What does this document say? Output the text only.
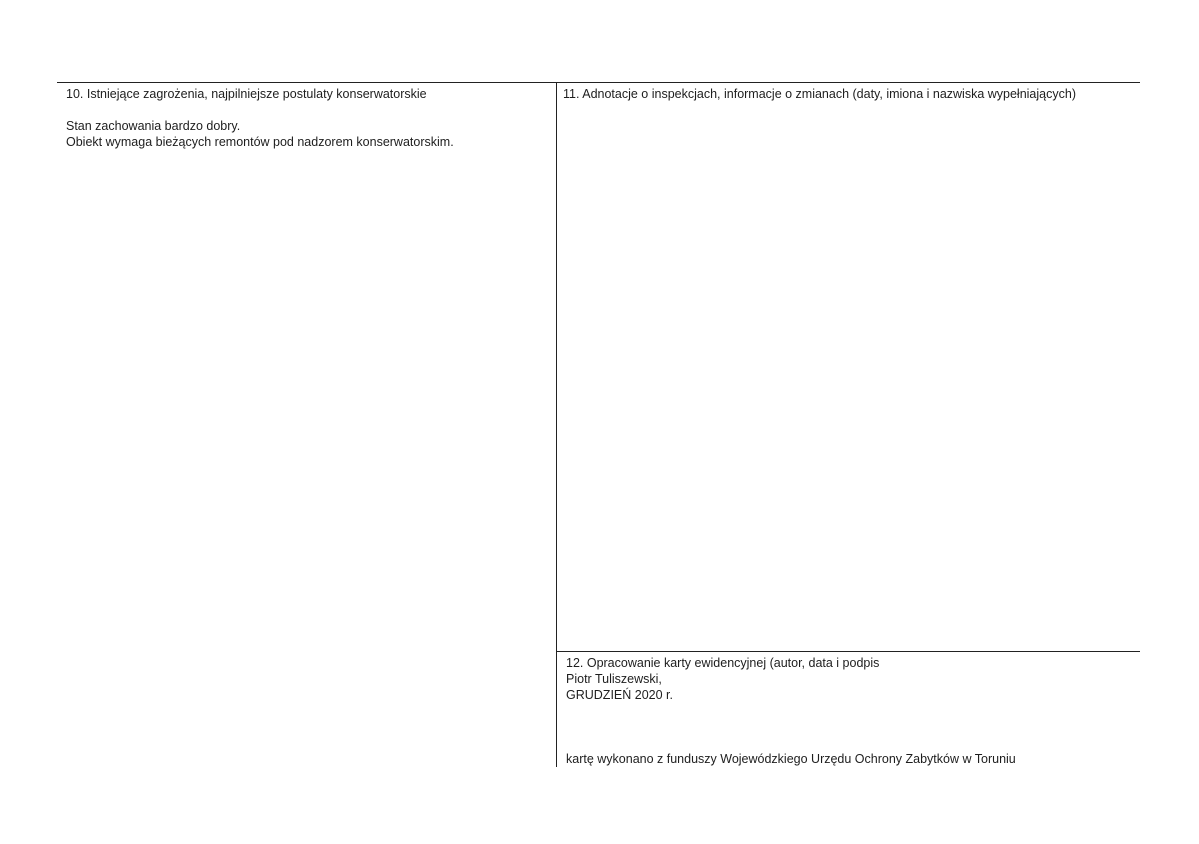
10. Istniejące zagrożenia, najpilniejsze postulaty konserwatorskie
Stan zachowania bardzo dobry.
Obiekt wymaga bieżących remontów pod nadzorem konserwatorskim.
11. Adnotacje o inspekcjach, informacje o zmianach (daty, imiona i nazwiska wypełniających)
12. Opracowanie karty ewidencyjnej (autor, data i podpis
Piotr Tuliszewski,
GRUDZIEŃ 2020 r.
kartę wykonano z funduszy Wojewódzkiego Urzędu Ochrony Zabytków w Toruniu
